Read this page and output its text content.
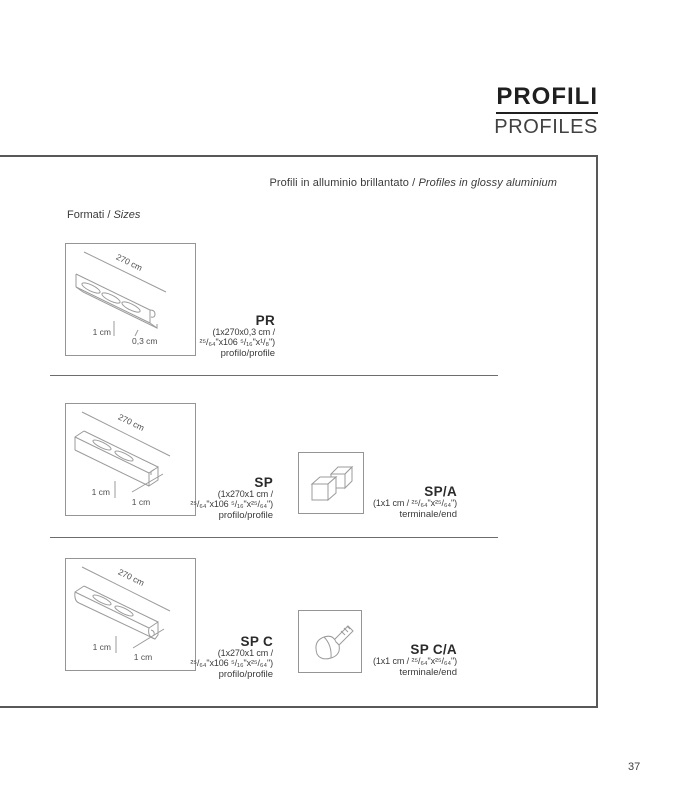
PROFILI
PROFILES
Profili in alluminio brillantato / Profiles in glossy aluminium
Formati / Sizes
270 cm
1 cm
0,3 cm
PR
(1x270x0,3 cm /
²⁵/₆₄"x106 ⁵/₁₆"x¹/₈")
profilo/profile
270 cm
1 cm
1 cm
SP
(1x270x1 cm /
²⁵/₆₄"x106 ⁵/₁₆"x²⁵/₆₄")
profilo/profile
SP/A
(1x1 cm / ²⁵/₆₄"x²⁵/₆₄")
terminale/end
270 cm
1 cm
1 cm
SP C
(1x270x1 cm /
²⁵/₆₄"x106 ⁵/₁₆"x²⁵/₆₄")
profilo/profile
SP C/A
(1x1 cm / ²⁵/₆₄"x²⁵/₆₄")
terminale/end
37
